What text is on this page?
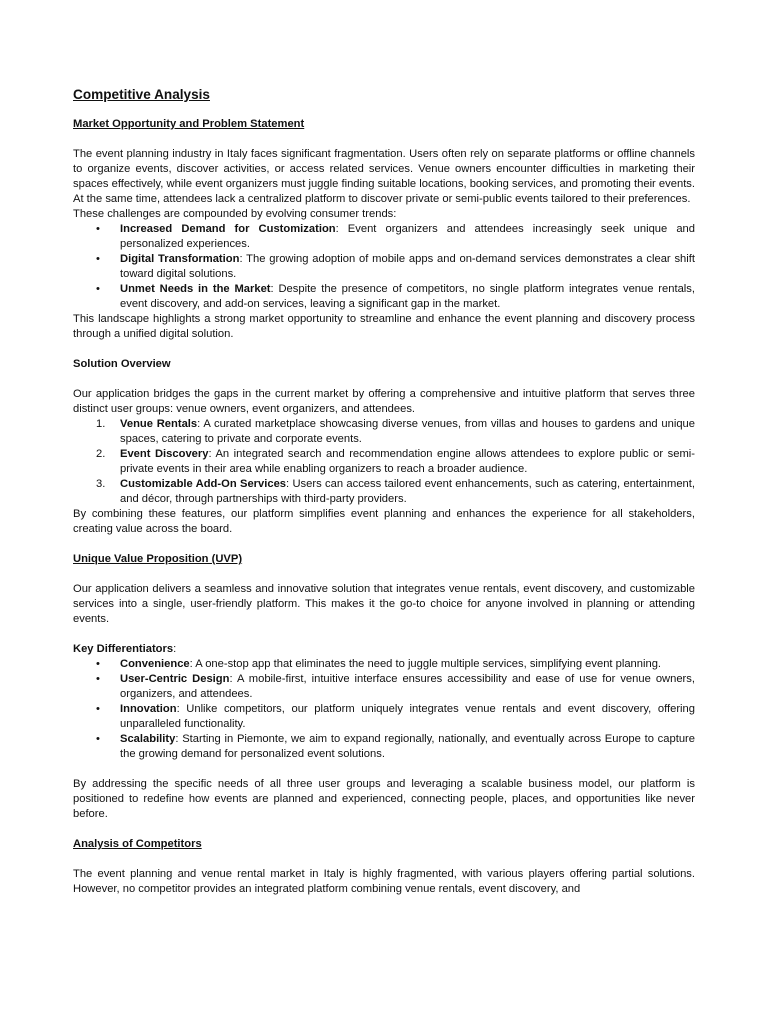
Competitive Analysis
Market Opportunity and Problem Statement

The event planning industry in Italy faces significant fragmentation. Users often rely on separate platforms or offline channels to organize events, discover activities, or access related services. Venue owners encounter difficulties in marketing their spaces effectively, while event organizers must juggle finding suitable locations, booking services, and promoting their events. At the same time, attendees lack a centralized platform to discover private or semi-public events tailored to their preferences.

These challenges are compounded by evolving consumer trends:

•	Increased Demand for Customization: Event organizers and attendees increasingly seek unique and personalized experiences.
•	Digital Transformation: The growing adoption of mobile apps and on-demand services demonstrates a clear shift toward digital solutions.
•	Unmet Needs in the Market: Despite the presence of competitors, no single platform integrates venue rentals, event discovery, and add-on services, leaving a significant gap in the market.

This landscape highlights a strong market opportunity to streamline and enhance the event planning and discovery process through a unified digital solution.

Solution Overview

Our application bridges the gaps in the current market by offering a comprehensive and intuitive platform that serves three distinct user groups: venue owners, event organizers, and attendees.

1.	Venue Rentals: A curated marketplace showcasing diverse venues, from villas and houses to gardens and unique spaces, catering to private and corporate events.
2.	Event Discovery: An integrated search and recommendation engine allows attendees to explore public or semi-private events in their area while enabling organizers to reach a broader audience.
3.	Customizable Add-On Services: Users can access tailored event enhancements, such as catering, entertainment, and décor, through partnerships with third-party providers.

By combining these features, our platform simplifies event planning and enhances the experience for all stakeholders, creating value across the board.

Unique Value Proposition (UVP)

Our application delivers a seamless and innovative solution that integrates venue rentals, event discovery, and customizable services into a single, user-friendly platform. This makes it the go-to choice for anyone involved in planning or attending events.

Key Differentiators:

•	Convenience: A one-stop app that eliminates the need to juggle multiple services, simplifying event planning.
•	User-Centric Design: A mobile-first, intuitive interface ensures accessibility and ease of use for venue owners, organizers, and attendees.
•	Innovation: Unlike competitors, our platform uniquely integrates venue rentals and event discovery, offering unparalleled functionality.
•	Scalability: Starting in Piemonte, we aim to expand regionally, nationally, and eventually across Europe to capture the growing demand for personalized event solutions.

By addressing the specific needs of all three user groups and leveraging a scalable business model, our platform is positioned to redefine how events are planned and experienced, connecting people, places, and opportunities like never before.

Analysis of Competitors

The event planning and venue rental market in Italy is highly fragmented, with various players offering partial solutions. However, no competitor provides an integrated platform combining venue rentals, event discovery, and
